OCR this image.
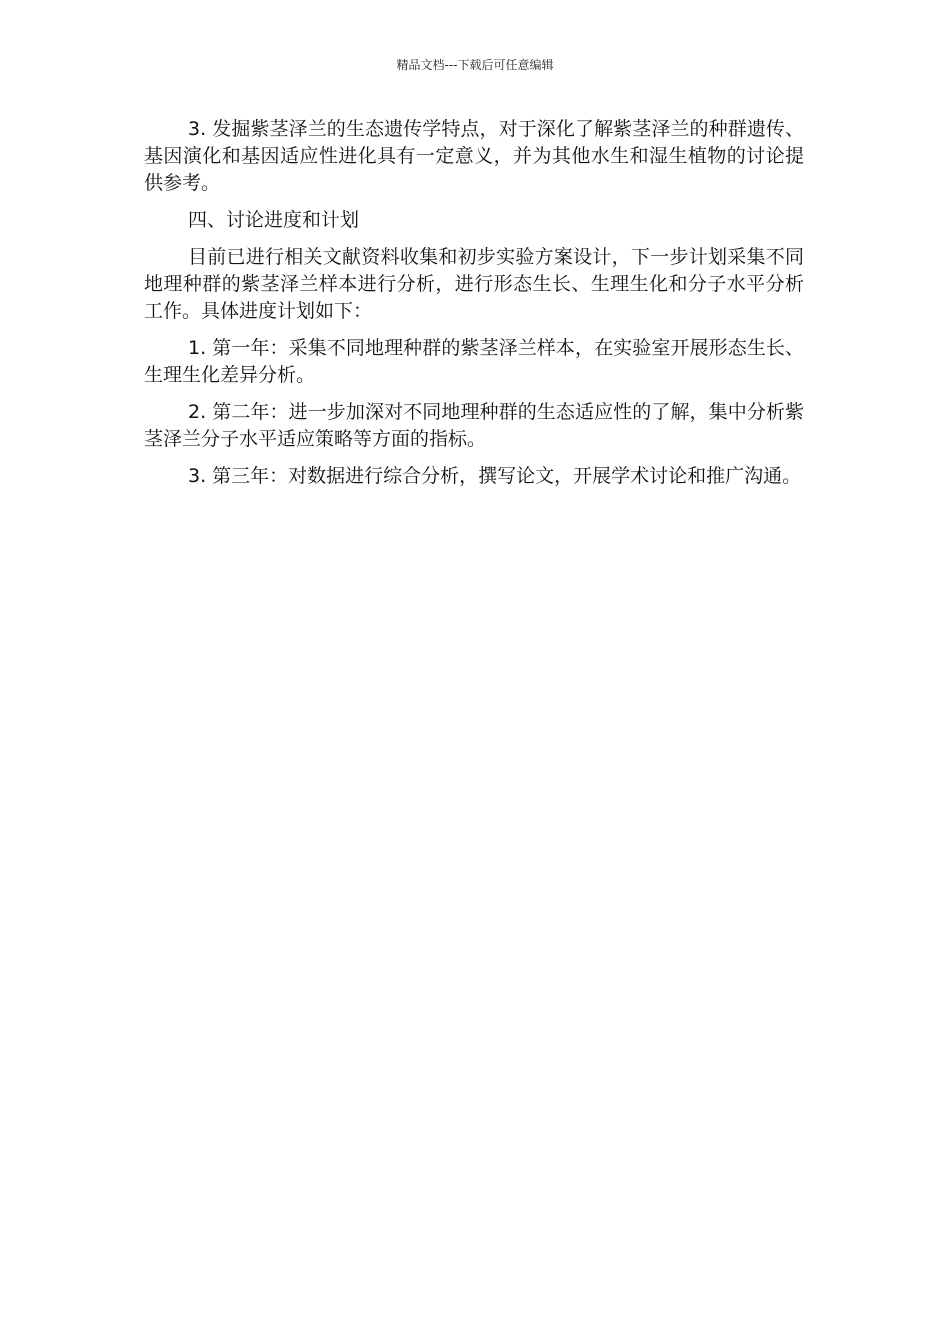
精品文档---下载后可任意编辑

3. 发掘紫茎泽兰的生态遗传学特点，对于深化了解紫茎泽兰的种群遗传、基因演化和基因适应性进化具有一定意义，并为其他水生和湿生植物的讨论提供参考。

四、讨论进度和计划

目前已进行相关文献资料收集和初步实验方案设计，下一步计划采集不同地理种群的紫茎泽兰样本进行分析，进行形态生长、生理生化和分子水平分析工作。具体进度计划如下：

1. 第一年：采集不同地理种群的紫茎泽兰样本，在实验室开展形态生长、生理生化差异分析。

2. 第二年：进一步加深对不同地理种群的生态适应性的了解，集中分析紫茎泽兰分子水平适应策略等方面的指标。

3. 第三年：对数据进行综合分析，撰写论文，开展学术讨论和推广沟通。
